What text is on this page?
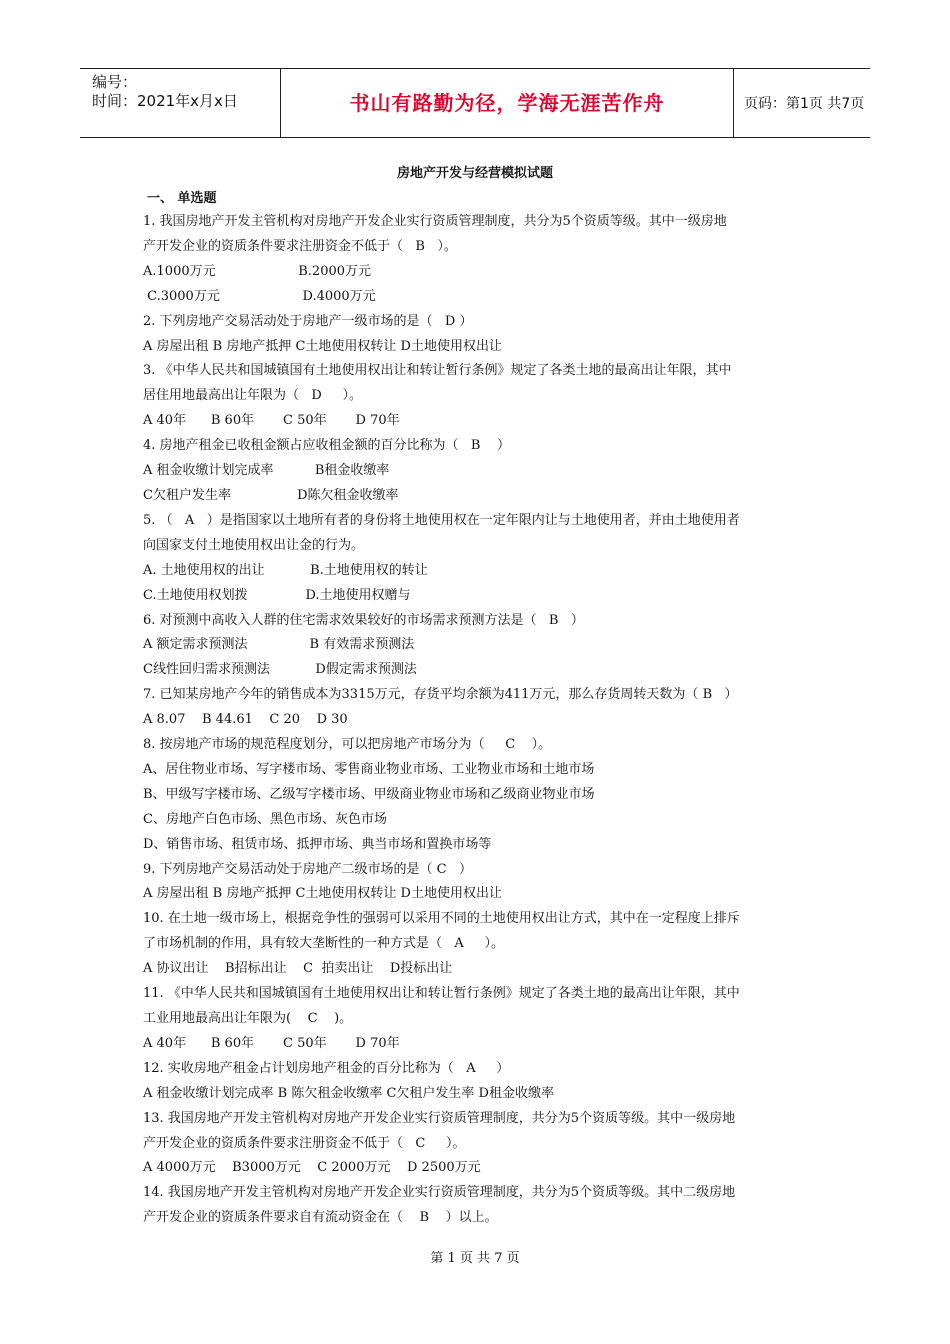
编号：
时间：2021年x月x日	书山有路勤为径，学海无涯苦作舟	页码：第1页 共7页
房地产开发与经营模拟试题
一、 单选题
1. 我国房地产开发主管机构对房地产开发企业实行资质管理制度，共分为5个资质等级。其中一级房地
产开发企业的资质条件要求注册资金不低于（   B   ）。
A.1000万元                    B.2000万元
C.3000万元                    D.4000万元
2. 下列房地产交易活动处于房地产一级市场的是（   D ）
A 房屋出租 B 房地产抵押 C土地使用权转让 D土地使用权出让
3. 《中华人民共和国城镇国有土地使用权出让和转让暂行条例》规定了各类土地的最高出让年限，其中
居住用地最高出让年限为（   D     ）。
A 40年      B 60年       C 50年       D 70年
4. 房地产租金已收租金额占应收租金额的百分比称为（   B    ）
A 租金收缴计划完成率          B租金收缴率
C欠租户发生率                D陈欠租金收缴率
5. （   A   ）是指国家以土地所有者的身份将土地使用权在一定年限内让与土地使用者，并由土地使用者
向国家支付土地使用权出让金的行为。
A. 土地使用权的出让           B.土地使用权的转让
C.土地使用权划拨              D.土地使用权赠与
6. 对预测中高收入人群的住宅需求效果较好的市场需求预测方法是（   B   ）
A 额定需求预测法               B 有效需求预测法
C线性回归需求预测法           D假定需求预测法
7. 已知某房地产今年的销售成本为3315万元，存货平均余额为411万元，那么存货周转天数为（ B   ）
A 8.07    B 44.61    C 20    D 30
8. 按房地产市场的规范程度划分，可以把房地产市场分为（     C    ）。
A、居住物业市场、写字楼市场、零售商业物业市场、工业物业市场和土地市场
B、甲级写字楼市场、乙级写字楼市场、甲级商业物业市场和乙级商业物业市场
C、房地产白色市场、黑色市场、灰色市场
D、销售市场、租赁市场、抵押市场、典当市场和置换市场等
9. 下列房地产交易活动处于房地产二级市场的是（ C   ）
A 房屋出租 B 房地产抵押 C土地使用权转让 D土地使用权出让
10. 在土地一级市场上，根据竞争性的强弱可以采用不同的土地使用权出让方式，其中在一定程度上排斥
了市场机制的作用，具有较大垄断性的一种方式是（   A     ）。
A 协议出让    B招标出让    C  拍卖出让    D投标出让
11. 《中华人民共和国城镇国有土地使用权出让和转让暂行条例》规定了各类土地的最高出让年限，其中
工业用地最高出让年限为(    C    )。
A 40年      B 60年       C 50年       D 70年
12. 实收房地产租金占计划房地产租金的百分比称为（   A     ）
A 租金收缴计划完成率 B 陈欠租金收缴率 C欠租户发生率 D租金收缴率
13. 我国房地产开发主管机构对房地产开发企业实行资质管理制度，共分为5个资质等级。其中一级房地
产开发企业的资质条件要求注册资金不低于（   C     ）。
A 4000万元    B3000万元    C 2000万元    D 2500万元
14. 我国房地产开发主管机构对房地产开发企业实行资质管理制度，共分为5个资质等级。其中二级房地
产开发企业的资质条件要求自有流动资金在（    B    ）以上。
第 1 页 共 7 页
